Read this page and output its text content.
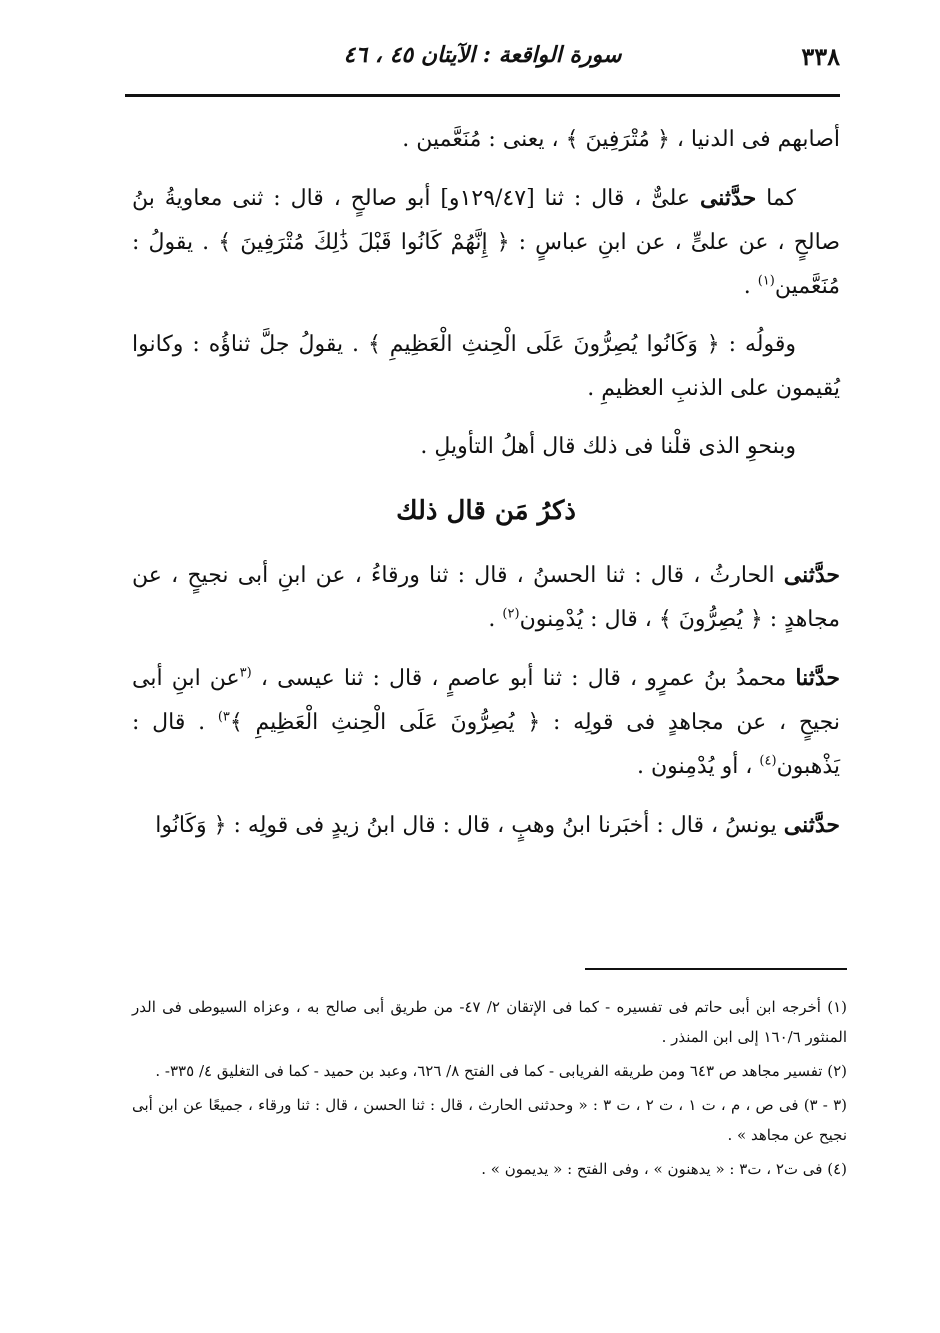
٣٣٨
سورة الواقعة : الآيتان ٤٥ ، ٤٦

أصابهم فى الدنيا ، ﴿ مُتْرَفِينَ ﴾ ، يعنى : مُنَعَّمين .

كما حدَّثنى علىٌّ ، قال : ثنا [١٢٩/٤٧و] أبو صالحٍ ، قال : ثنى معاويةُ بنُ صالحٍ ، عن علىٍّ ، عن ابنِ عباسٍ : ﴿ إِنَّهُمْ كَانُوا قَبْلَ ذَٰلِكَ مُتْرَفِينَ ﴾ . يقولُ : مُنَعَّمين$^{(١)}$ .

وقولُه : ﴿ وَكَانُوا يُصِرُّونَ عَلَى الْحِنثِ الْعَظِيمِ ﴾ . يقولُ جلَّ ثناؤُه : وكانوا يُقيمون على الذنبِ العظيمِ .

وبنحوِ الذى قلْنا فى ذلك قال أهلُ التأويلِ .

ذكرُ مَن قال ذلك

حدَّثنى الحارثُ ، قال : ثنا الحسنُ ، قال : ثنا ورقاءُ ، عن ابنِ أبى نجيحٍ ، عن مجاهدٍ : ﴿ يُصِرُّونَ ﴾ ، قال : يُدْمِنون$^{(٢)}$ .

حدَّثنا محمدُ بنُ عمرٍو ، قال : ثنا أبو عاصمٍ ، قال : ثنا عيسى ، $^{(٣}$عن ابنِ أبى نجيحٍ ، عن مجاهدٍ فى قولِه : ﴿ يُصِرُّونَ عَلَى الْحِنثِ الْعَظِيمِ ﴾$^{٣)}$ . قال : يَذْهبون$^{(٤)}$ ، أو يُدْمِنون .

حدَّثنى يونسُ ، قال : أخبَرنا ابنُ وهبٍ ، قال : قال ابنُ زيدٍ فى قولِه : ﴿ وَكَانُوا

(١) أخرجه ابن أبى حاتم فى تفسيره - كما فى الإتقان ٢/ ٤٧- من طريق أبى صالح به ، وعزاه السيوطى فى الدر المنثور ١٦٠/٦ إلى ابن المنذر .

(٢) تفسير مجاهد ص ٦٤٣ ومن طريقه الفريابى - كما فى الفتح ٨/ ٦٢٦، وعبد بن حميد - كما فى التغليق ٤/ ٣٣٥- .

(٣ - ٣) فى ص ، م ، ت ١ ، ت ٢ ، ت ٣ : « وحدثنى الحارث ، قال : ثنا الحسن ، قال : ثنا ورقاء ، جميعًا عن ابن أبى نجيح عن مجاهد » .

(٤) فى ت٢ ، ت٣ : « يدهنون » ، وفى الفتح : « يديمون » .
